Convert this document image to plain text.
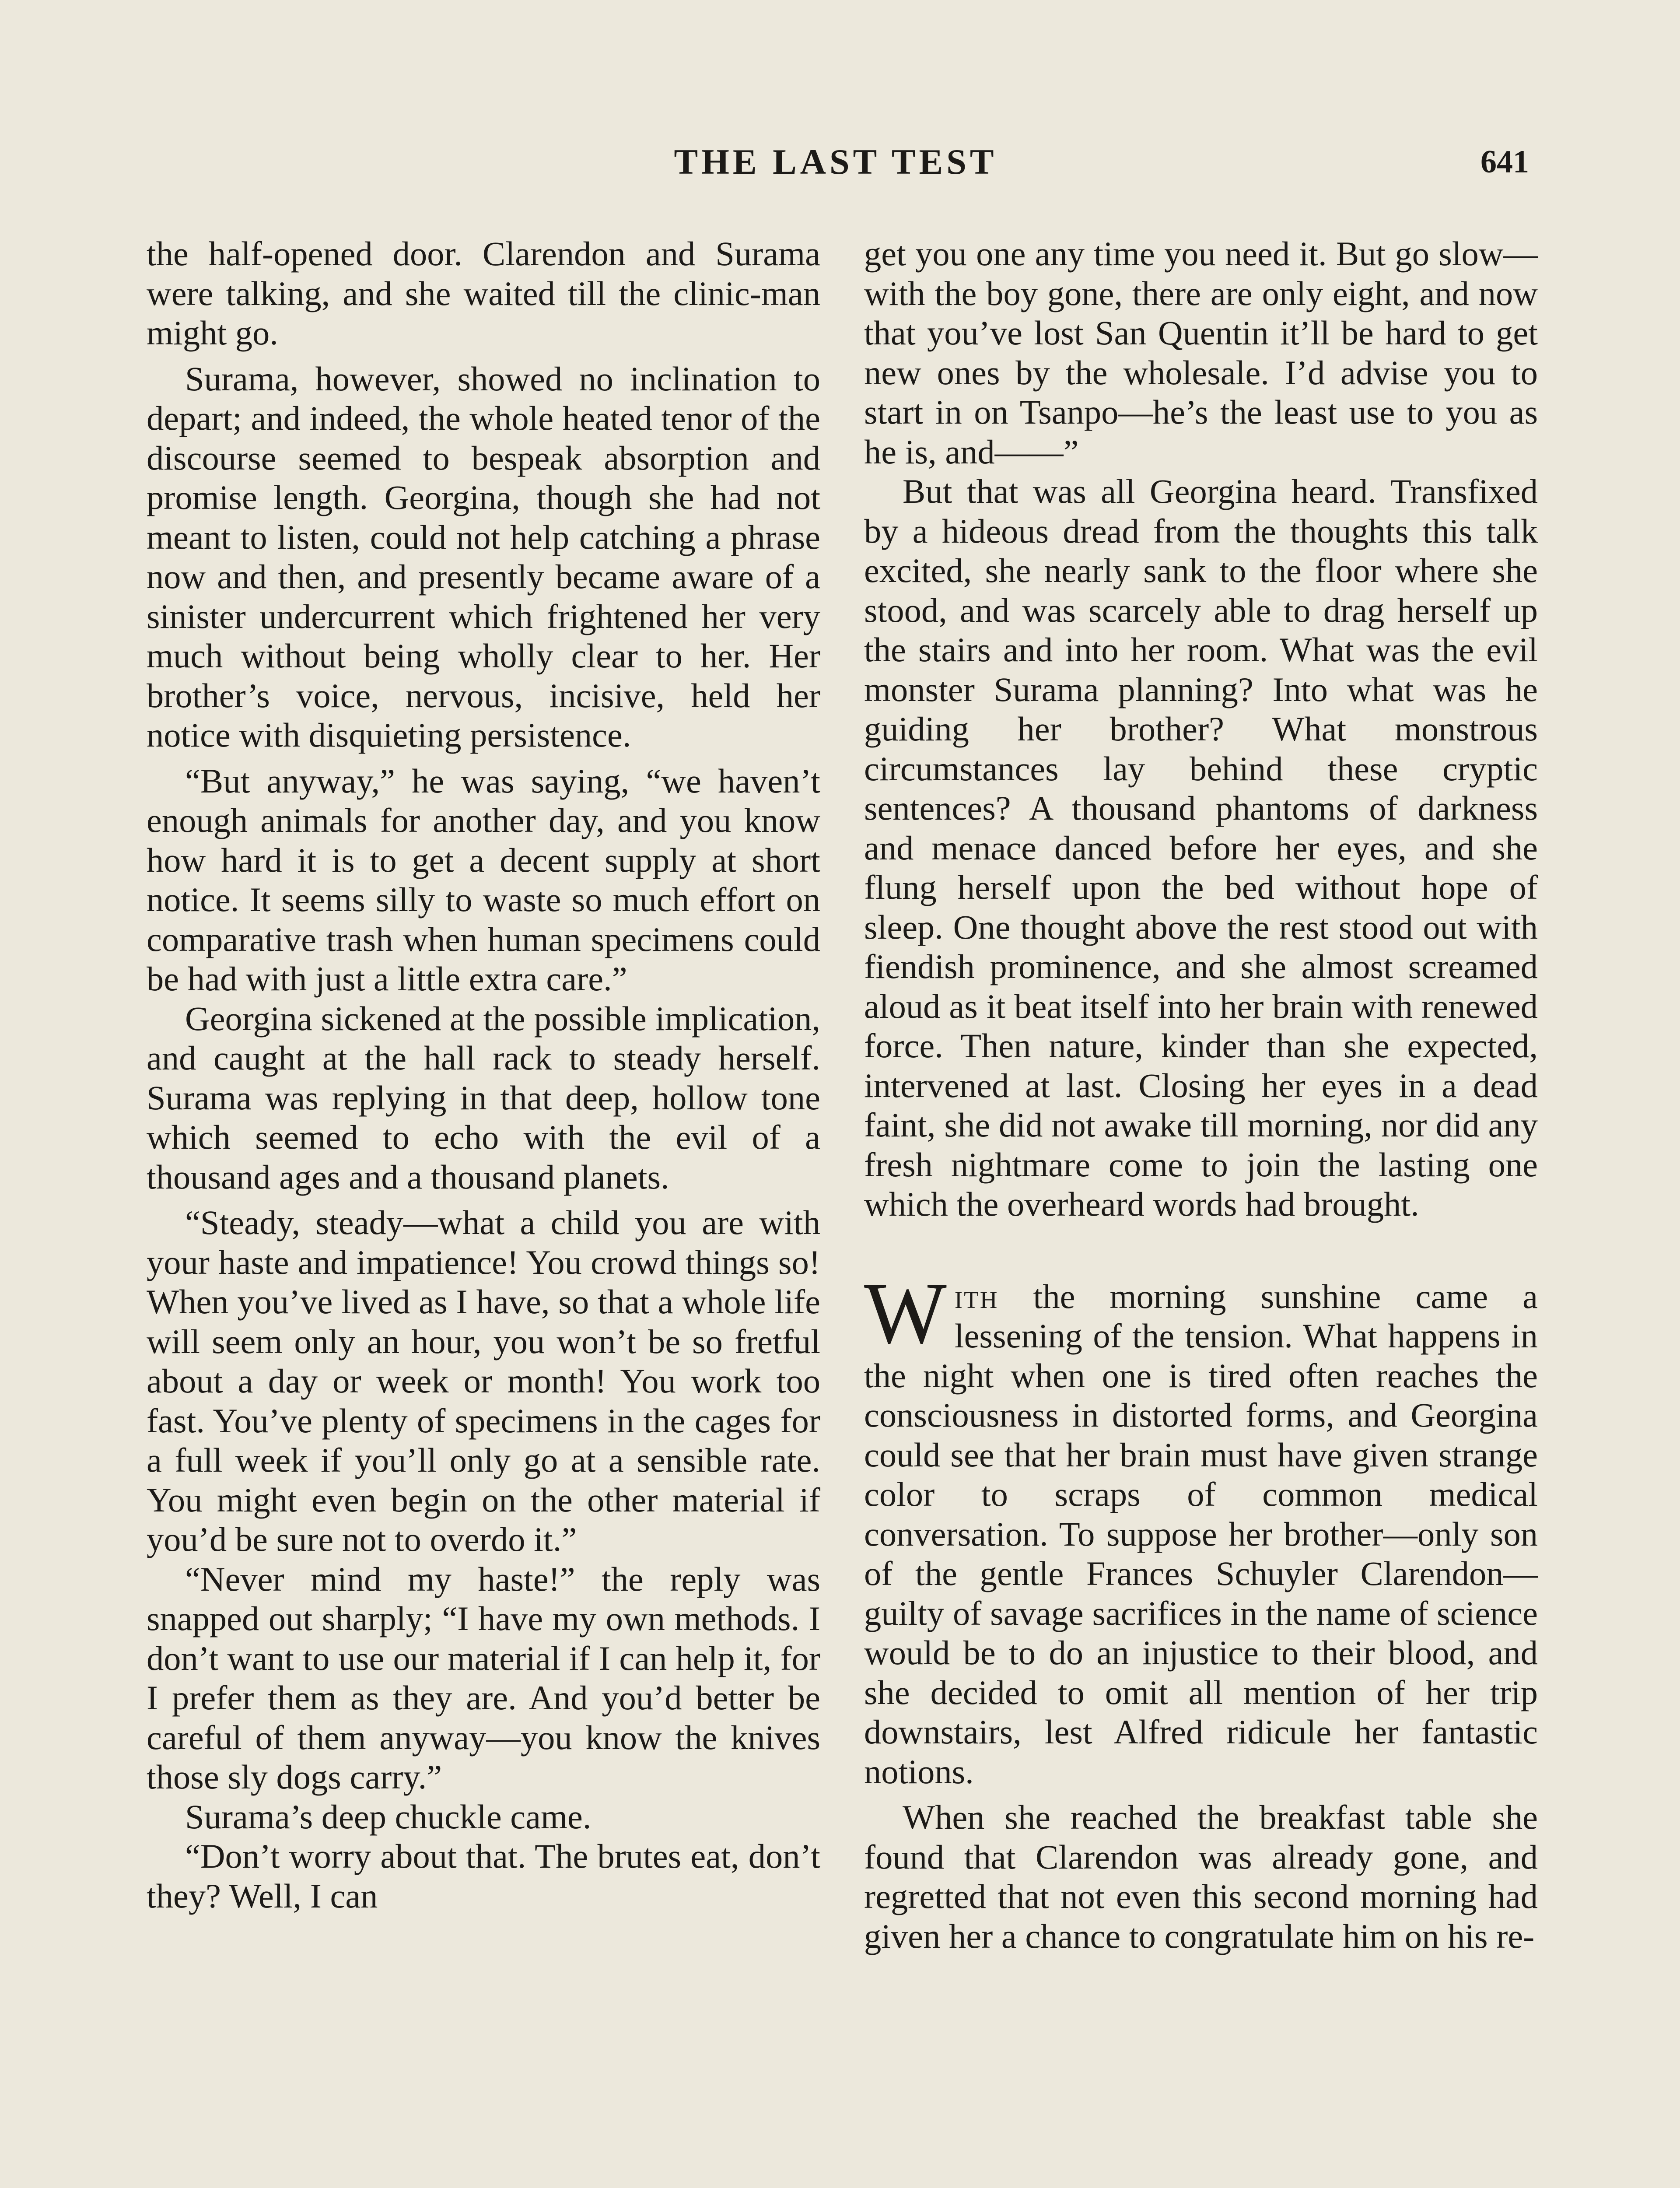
THE LAST TEST	641

the half-opened door. Clarendon and Surama were talking, and she waited till the clinic-man might go.

Surama, however, showed no inclination to depart; and indeed, the whole heated tenor of the discourse seemed to bespeak absorption and promise length. Georgina, though she had not meant to listen, could not help catching a phrase now and then, and presently became aware of a sinister undercurrent which frightened her very much without being wholly clear to her. Her brother’s voice, nervous, incisive, held her notice with disquieting persistence.

“But anyway,” he was saying, “we haven’t enough animals for another day, and you know how hard it is to get a decent supply at short notice. It seems silly to waste so much effort on comparative trash when human specimens could be had with just a little extra care.”

Georgina sickened at the possible implication, and caught at the hall rack to steady herself. Surama was replying in that deep, hollow tone which seemed to echo with the evil of a thousand ages and a thousand planets.

“Steady, steady—what a child you are with your haste and impatience! You crowd things so! When you’ve lived as I have, so that a whole life will seem only an hour, you won’t be so fretful about a day or week or month! You work too fast. You’ve plenty of specimens in the cages for a full week if you’ll only go at a sensible rate. You might even begin on the other material if you’d be sure not to overdo it.”

“Never mind my haste!” the reply was snapped out sharply; “I have my own methods. I don’t want to use our material if I can help it, for I prefer them as they are. And you’d better be careful of them anyway—you know the knives those sly dogs carry.”

Surama’s deep chuckle came.

“Don’t worry about that. The brutes eat, don’t they? Well, I can

get you one any time you need it. But go slow—with the boy gone, there are only eight, and now that you’ve lost San Quentin it’ll be hard to get new ones by the wholesale. I’d advise you to start in on Tsanpo—he’s the least use to you as he is, and——”

But that was all Georgina heard. Transfixed by a hideous dread from the thoughts this talk excited, she nearly sank to the floor where she stood, and was scarcely able to drag herself up the stairs and into her room. What was the evil monster Surama planning? Into what was he guiding her brother? What monstrous circumstances lay behind these cryptic sentences? A thousand phantoms of darkness and menace danced before her eyes, and she flung herself upon the bed without hope of sleep. One thought above the rest stood out with fiendish prominence, and she almost screamed aloud as it beat itself into her brain with renewed force. Then nature, kinder than she expected, intervened at last. Closing her eyes in a dead faint, she did not awake till morning, nor did any fresh nightmare come to join the lasting one which the overheard words had brought.

With the morning sunshine came a lessening of the tension. What happens in the night when one is tired often reaches the consciousness in distorted forms, and Georgina could see that her brain must have given strange color to scraps of common medical conversation. To suppose her brother—only son of the gentle Frances Schuyler Clarendon—guilty of savage sacrifices in the name of science would be to do an injustice to their blood, and she decided to omit all mention of her trip downstairs, lest Alfred ridicule her fantastic notions.

When she reached the breakfast table she found that Clarendon was already gone, and regretted that not even this second morning had given her a chance to congratulate him on his re-
